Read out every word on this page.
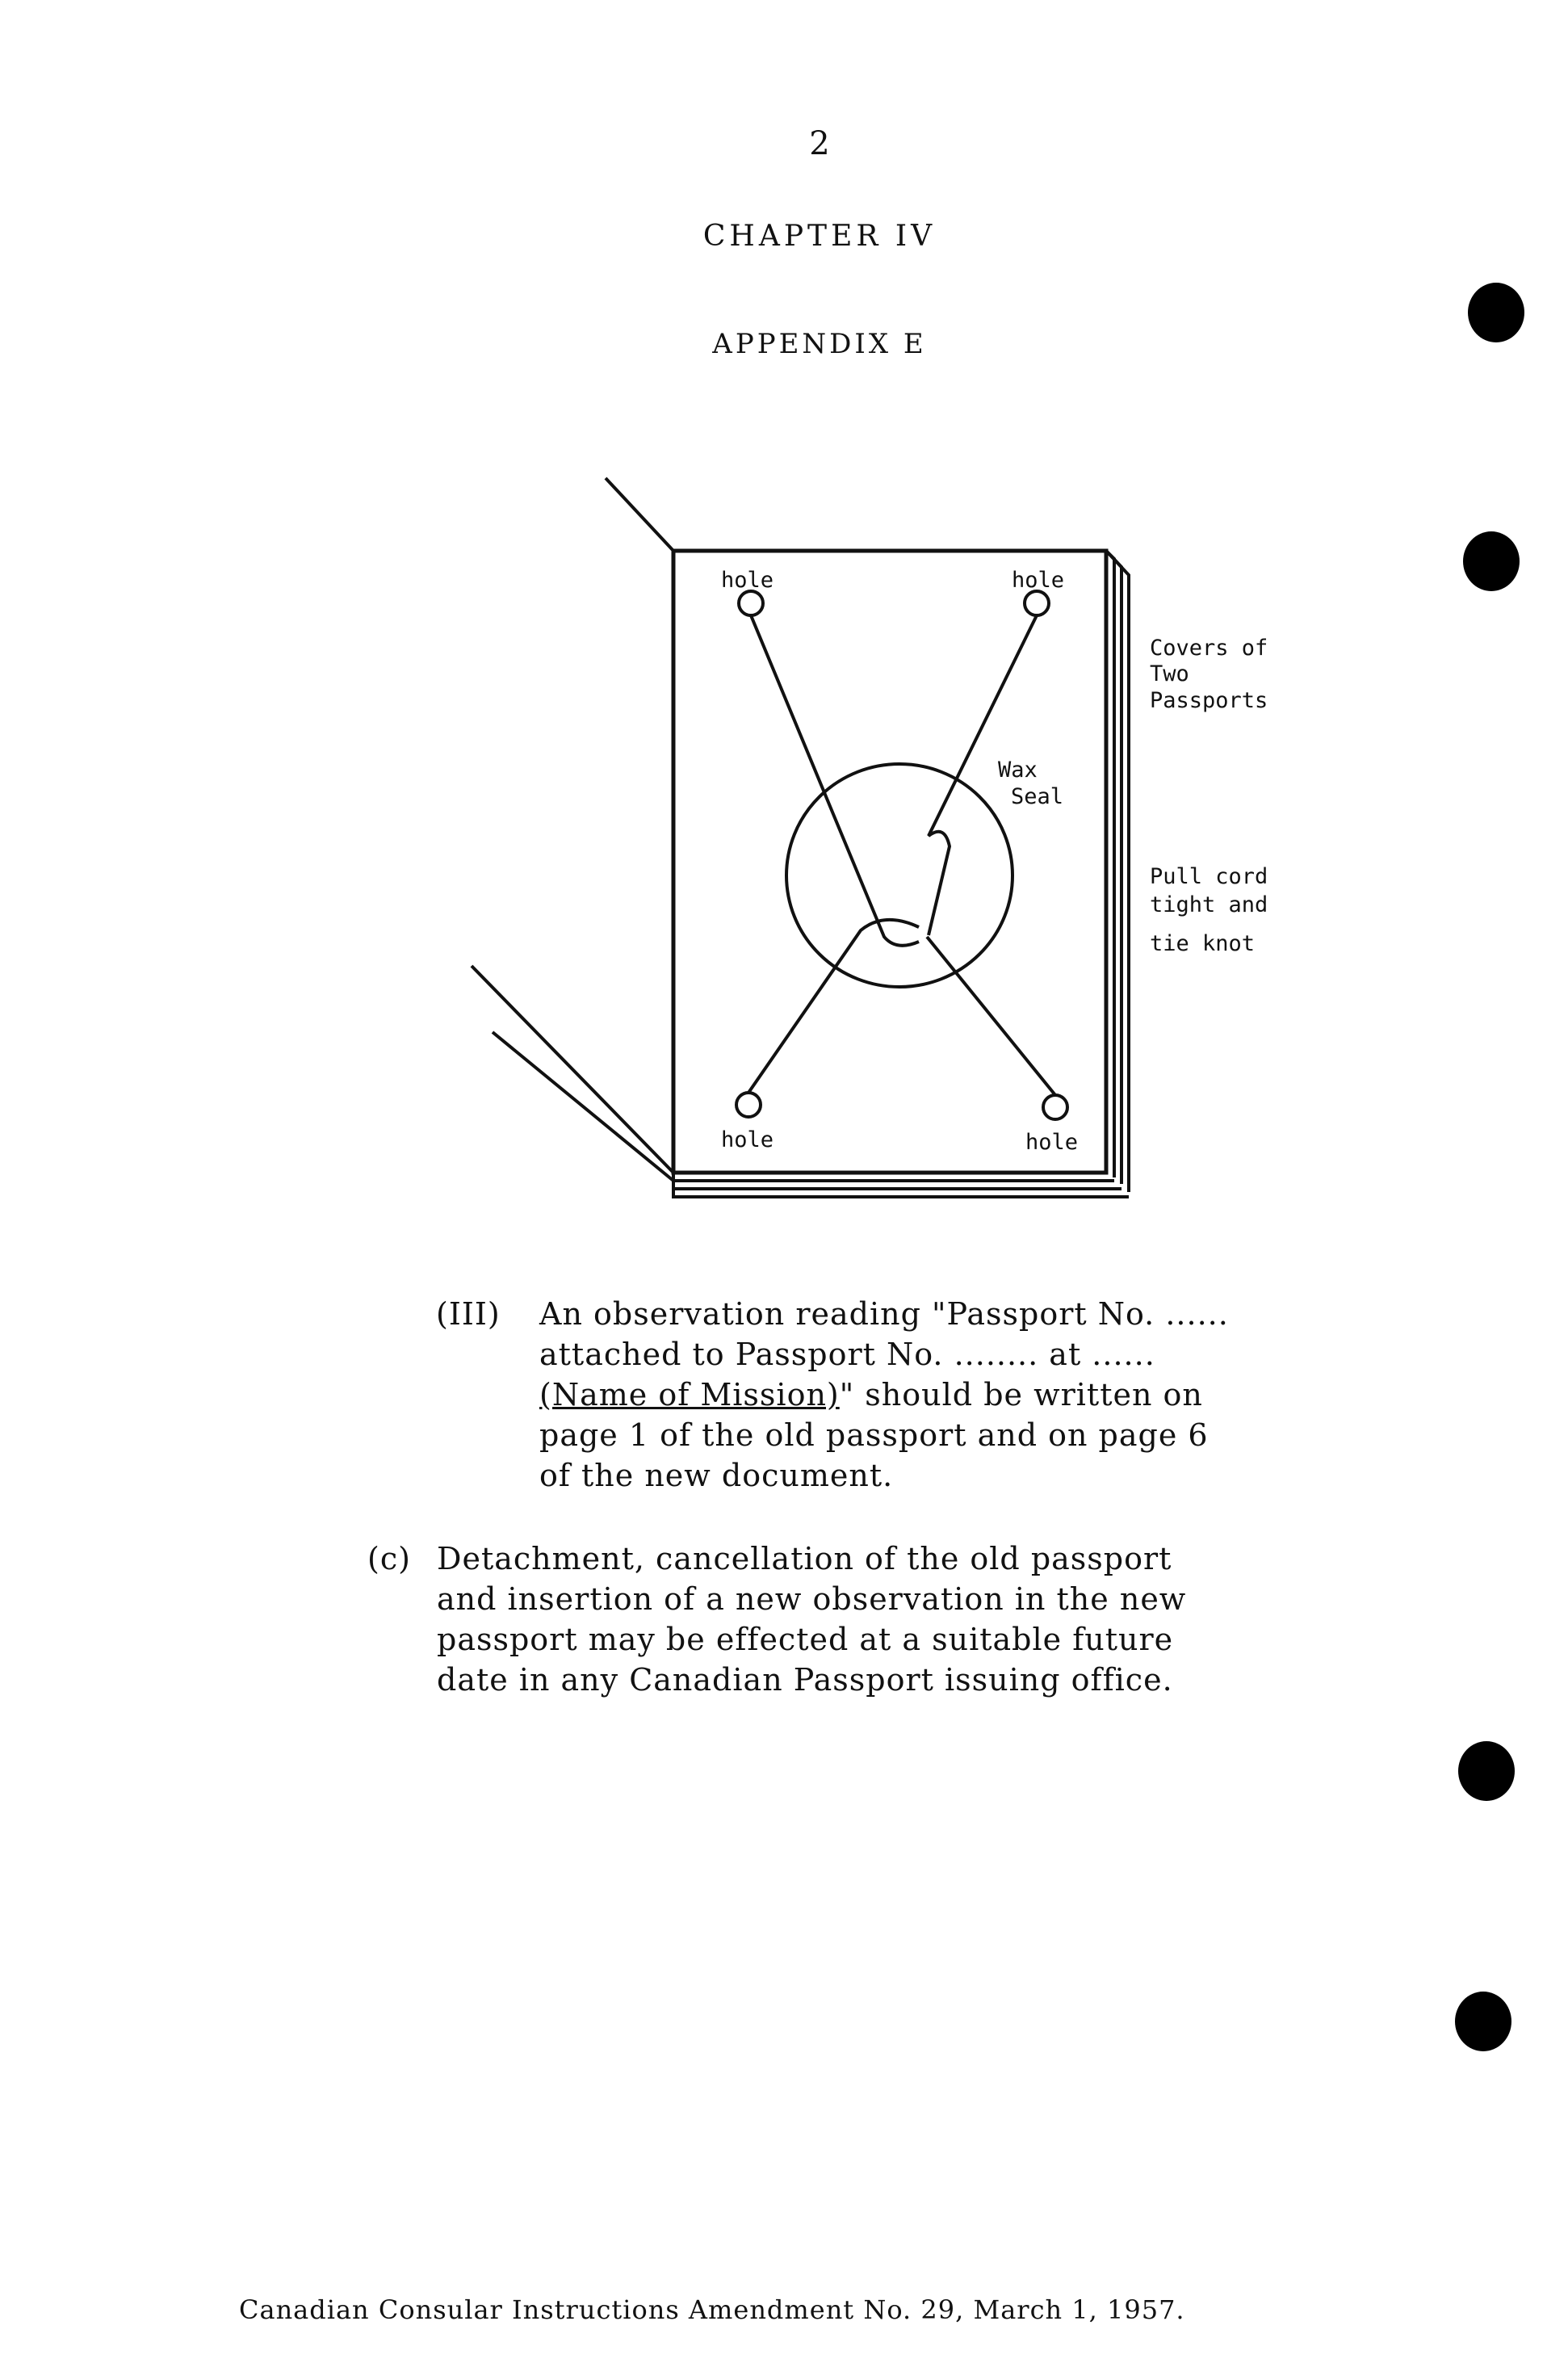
2
CHAPTER IV
APPENDIX E
hole	hole
hole	hole
Covers of
Two
Passports
Wax
Seal
Pull cord
tight and
tie knot
(III)	An observation reading "Passport No. ......
attached to Passport No. ........ at ......
(Name of Mission)" should be written on
page 1 of the old passport and on page 6
of the new document.
(c) Detachment, cancellation of the old passport
and insertion of a new observation in the new
passport may be effected at a suitable future
date in any Canadian Passport issuing office.
Canadian Consular Instructions Amendment No. 29, March 1, 1957.
